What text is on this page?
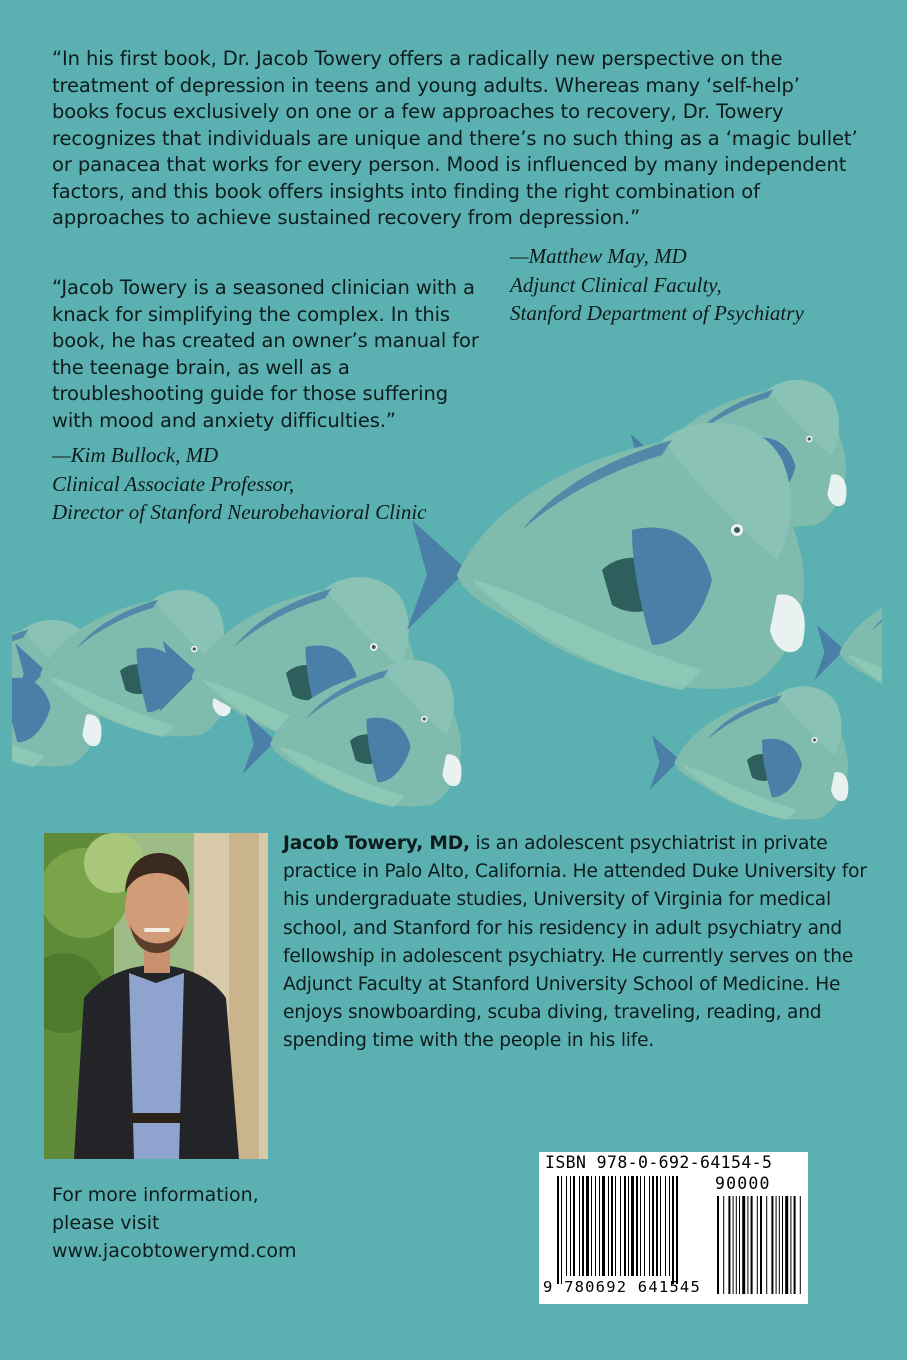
“In his first book, Dr. Jacob Towery offers a radically new perspective on the treatment of depression in teens and young adults. Whereas many ‘self-help’ books focus exclusively on one or a few approaches to recovery, Dr. Towery recognizes that individuals are unique and there’s no such thing as a ‘magic bullet’ or panacea that works for every person. Mood is influenced by many independent factors, and this book offers insights into finding the right combination of approaches to achieve sustained recovery from depression.”

—Matthew May, MD
Adjunct Clinical Faculty,
Stanford Department of Psychiatry

“Jacob Towery is a seasoned clinician with a knack for simplifying the complex. In this book, he has created an owner’s manual for the teenage brain, as well as a troubleshooting guide for those suffering with mood and anxiety difficulties.”

—Kim Bullock, MD
Clinical Associate Professor,
Director of Stanford Neurobehavioral Clinic

Jacob Towery, MD, is an adolescent psychiatrist in private practice in Palo Alto, California. He attended Duke University for his undergraduate studies, University of Virginia for medical school, and Stanford for his residency in adult psychiatry and fellowship in adolescent psychiatry. He currently serves on the Adjunct Faculty at Stanford University School of Medicine. He enjoys snowboarding, scuba diving, traveling, reading, and spending time with the people in his life.

For more information,
please visit
www.jacobtowerymd.com
ISBN 978-0-692-64154-5
90000
9 780692 641545
